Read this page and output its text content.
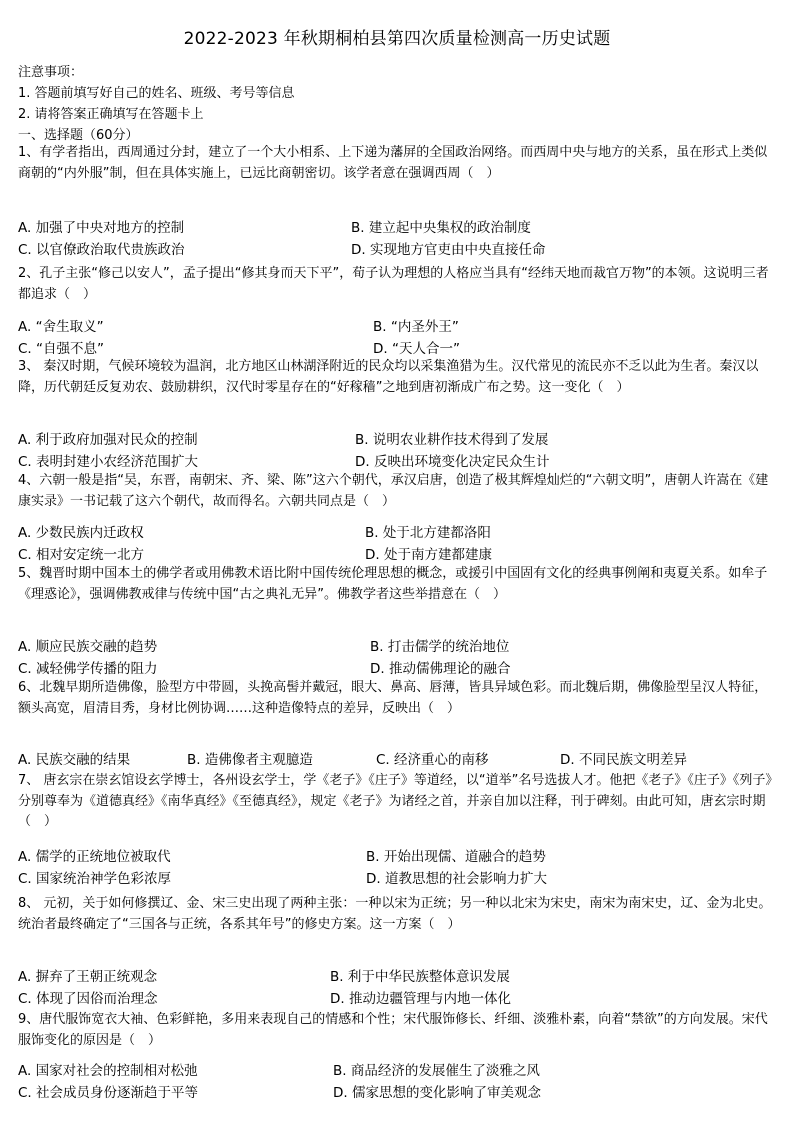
2022-2023 年秋期桐柏县第四次质量检测高一历史试题
注意事项：
1. 答题前填写好自己的姓名、班级、考号等信息
2. 请将答案正确填写在答题卡上
一、选择题（60分）
1、有学者指出，西周通过分封，建立了一个大小相系、上下递为藩屏的全国政治网络。而西周中央与地方的关系，虽在形式上类似商朝的“内外服”制，但在具体实施上，已远比商朝密切。该学者意在强调西周（　）
A. 加强了中央对地方的控制	B. 建立起中央集权的政治制度
C. 以官僚政治取代贵族政治	D. 实现地方官吏由中央直接任命
2、孔子主张“修己以安人”，孟子提出“修其身而天下平”，荀子认为理想的人格应当具有“经纬天地而裁官万物”的本领。这说明三者都追求（　）
A. “舍生取义”	B. “内圣外王”
C. “自强不息”	D. “天人合一”
3、 秦汉时期，气候环境较为温润，北方地区山林湖泽附近的民众均以采集渔猎为生。汉代常见的流民亦不乏以此为生者。秦汉以降，历代朝廷反复劝农、鼓励耕织，汉代时零星存在的“好稼穑”之地到唐初渐成广布之势。这一变化（　）
A. 利于政府加强对民众的控制	B. 说明农业耕作技术得到了发展
C. 表明封建小农经济范围扩大	D. 反映出环境变化决定民众生计
4、六朝一般是指“吴，东晋，南朝宋、齐、梁、陈”这六个朝代，承汉启唐，创造了极其辉煌灿烂的“六朝文明”，唐朝人许嵩在《建康实录》一书记载了这六个朝代，故而得名。六朝共同点是（　）
A. 少数民族内迁政权	B. 处于北方建都洛阳
C. 相对安定统一北方	D. 处于南方建都建康
5、魏晋时期中国本土的佛学者或用佛教术语比附中国传统伦理思想的概念，或援引中国固有文化的经典事例阐和夷夏关系。如牟子《理惑论》，强调佛教戒律与传统中国“古之典礼无异”。佛教学者这些举措意在（　）
A. 顺应民族交融的趋势	B. 打击儒学的统治地位
C. 减轻佛学传播的阻力	D. 推动儒佛理论的融合
6、北魏早期所造佛像，脸型方中带圆，头挽高髻并戴冠，眼大、鼻高、唇薄，皆具异域色彩。而北魏后期，佛像脸型呈汉人特征，额头高宽，眉清目秀，身材比例协调……这种造像特点的差异，反映出（　）
A. 民族交融的结果	B. 造佛像者主观臆造	C. 经济重心的南移	D. 不同民族文明差异
7、 唐玄宗在崇玄馆设玄学博士，各州设玄学士，学《老子》《庄子》等道经，以“道举”名号选拔人才。他把《老子》《庄子》《列子》分别尊奉为《道德真经》《南华真经》《至德真经》，规定《老子》为诸经之首，并亲自加以注释，刊于碑刻。由此可知，唐玄宗时期（　）
A. 儒学的正统地位被取代	B. 开始出现儒、道融合的趋势
C. 国家统治神学色彩浓厚	D. 道教思想的社会影响力扩大
8、 元初，关于如何修撰辽、金、宋三史出现了两种主张：一种以宋为正统；另一种以北宋为宋史，南宋为南宋史，辽、金为北史。统治者最终确定了“三国各与正统，各系其年号”的修史方案。这一方案（　）
A. 摒弃了王朝正统观念	B. 利于中华民族整体意识发展
C. 体现了因俗而治理念	D. 推动边疆管理与内地一体化
9、唐代服饰宽衣大袖、色彩鲜艳，多用来表现自己的情感和个性；宋代服饰修长、纤细、淡雅朴素，向着“禁欲”的方向发展。宋代服饰变化的原因是（　）
A. 国家对社会的控制相对松弛	B. 商品经济的发展催生了淡雅之风
C. 社会成员身份逐渐趋于平等	D. 儒家思想的变化影响了审美观念
